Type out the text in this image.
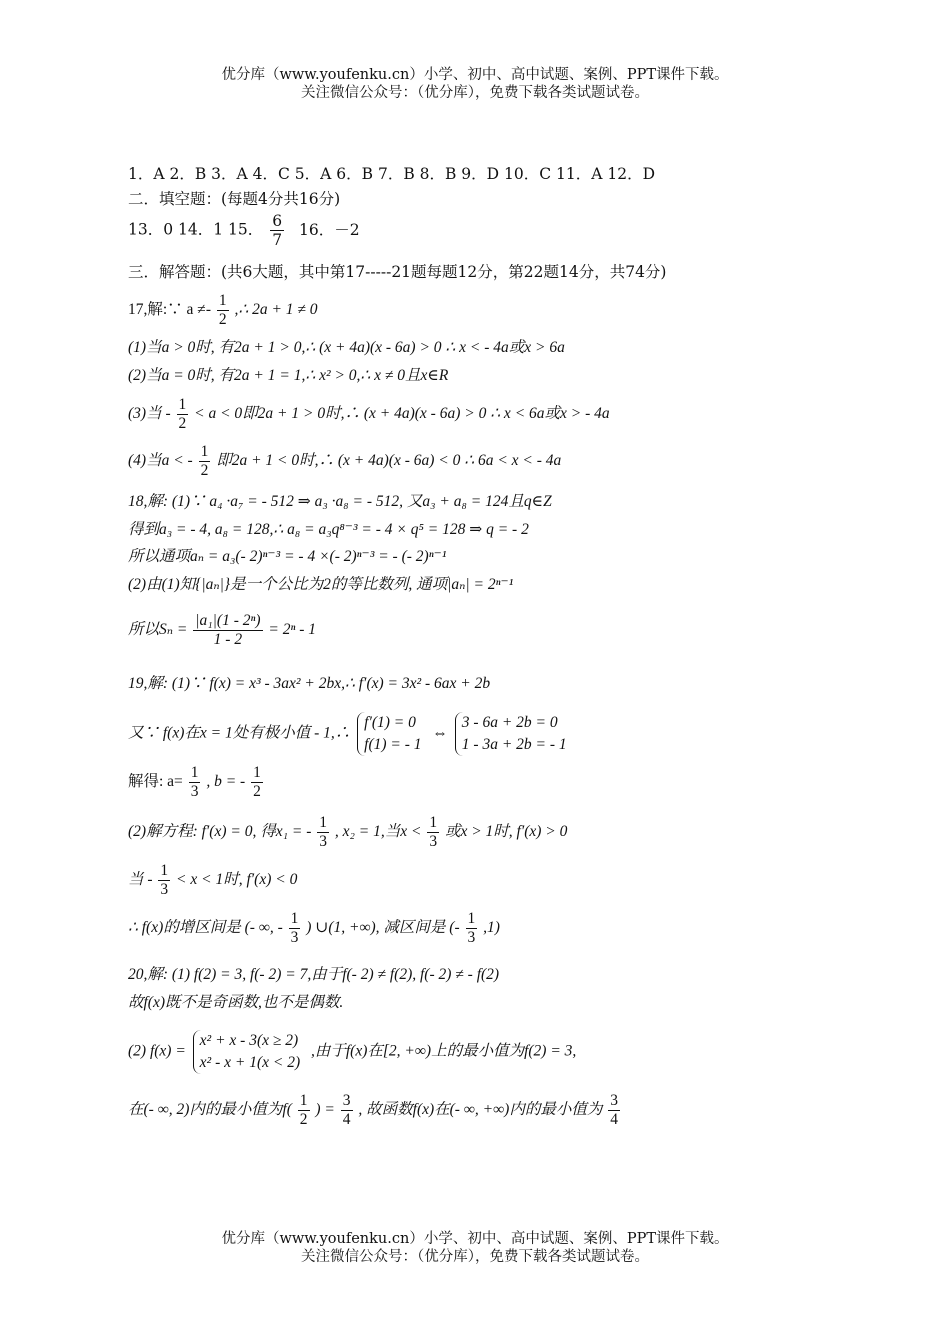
优分库（www.youfenku.cn）小学、初中、高中试题、案例、PPT课件下载。
关注微信公众号：（优分库），免费下载各类试题试卷。
1．A 2．B 3．A 4．C 5．A 6．B 7．B 8．B 9．D 10．C 11．A 12．D
二．填空题：(每题4分共16分)
13．0 14．1 15． $\frac{6}{7} 16$．－2
三．解答题：(共6大题，其中第17-----21题每题12分，第22题14分，共74分)
17,解:∵ $a \ne- \frac{1}{2}$ ,∴ 2a + 1 ≠ 0
(1)当a > 0时, 有2a + 1 > 0,∴ (x + 4a)(x - 6a) > 0 ∴ x < - 4a或x > 6a
(2)当a = 0时, 有2a + 1 = 1,∴ x² > 0,∴ x ≠ 0且x∈R
(3)当 - $\frac{1}{2} < a < 0$即2a + 1 > 0时,∴ (x + 4a)(x - 6a) > 0 ∴ x < 6a或x > - 4a
(4)当a < - $\frac{1}{2}$ 即2a + 1 < 0时,∴ (x + 4a)(x - 6a) < 0 ∴ 6a < x < - 4a
18,解: (1)∵ a₄ ·a₇ = - 512 ⇒ a₃ ·a₈ = - 512, 又a₃ + a₈ = 124且q∈Z
得到a₃ = - 4, a₈ = 128,∴ a₈ = a₃q⁸⁻³ = - 4 × q⁵ = 128 ⇒ q = - 2
所以通项aₙ = a₃(- 2)ⁿ⁻³ = - 4 ×(- 2)ⁿ⁻³ = - (- 2)ⁿ⁻¹
(2)由(1)知{|aₙ|}是一个公比为2的等比数列, 通项|aₙ| = 2ⁿ⁻¹
所以$S_n = \frac{\text{|a₁|(1 - 2ⁿ)}}{1 - 2} = 2^n - 1$
19,解: (1)∵ f(x) = x³ - 3ax² + 2bx,∴ f′(x) = 3x² - 6ax + 2b
又∵ f(x)在x = 1处有极小值 - 1,∴
f′(1) = 0
f(1) = - 1
⇔
3 - 6a + 2b = 0
1 - 3a + 2b = - 1
解得: $a= \frac{1}{3}$ , b = - $\frac{1}{2}$
(2)解方程: f′(x) = 0, 得x₁ = - $\frac{1}{3}$ , x₂ = 1,当$x < \frac{1}{3}$ 或x > 1时, f′(x) > 0
当 - $\frac{1}{3} < x < 1$时, f′(x) < 0
∴ f(x)的增区间是 (- ∞, - $\frac{1}{3}$ ) ∪(1, +∞), 减区间是 (- $\frac{1}{3} ,1$)
20,解: (1) f(2) = 3, f(- 2) = 7,由于f(- 2) ≠ f(2), f(- 2) ≠ - f(2)
故f(x)既不是奇函数,也不是偶数.
(2) f(x) =
x² + x - 3(x ≥ 2)
x² - x + 1(x < 2)
,由于f(x)在[2, +∞)上的最小值为f(2) = 3,
在(- ∞, 2)内的最小值为$f( \frac{1}{2}$ ) = $\frac{3}{4}$ , 故函数f(x)在(- ∞, +∞)内的最小值为 $\frac{3}{4}$
优分库（www.youfenku.cn）小学、初中、高中试题、案例、PPT课件下载。
关注微信公众号：（优分库），免费下载各类试题试卷。
